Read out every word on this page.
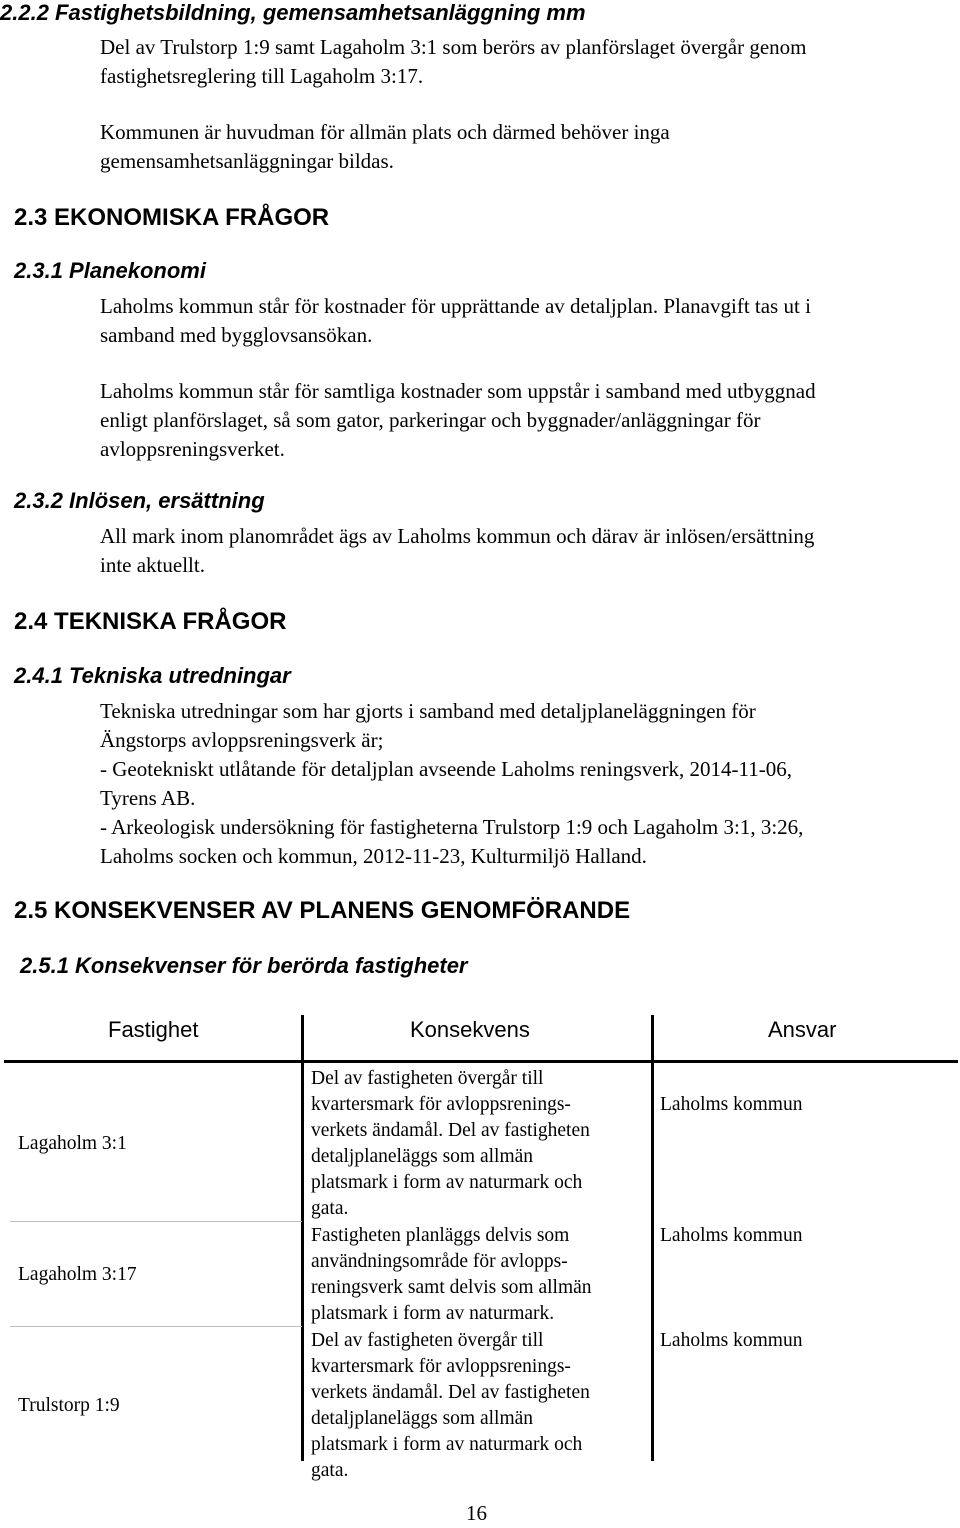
2.2.2 Fastighetsbildning, gemensamhetsanläggning mm
Del av Trulstorp 1:9 samt Lagaholm 3:1 som berörs av planförslaget övergår genom
fastighetsreglering till Lagaholm 3:17.
Kommunen är huvudman för allmän plats och därmed behöver inga
gemensamhetsanläggningar bildas.
2.3 EKONOMISKA FRÅGOR
2.3.1 Planekonomi
Laholms kommun står för kostnader för upprättande av detaljplan. Planavgift tas ut i
samband med bygglovsansökan.
Laholms kommun står för samtliga kostnader som uppstår i samband med utbyggnad
enligt planförslaget, så som gator, parkeringar och byggnader/anläggningar för
avloppsreningsverket.
2.3.2 Inlösen, ersättning
All mark inom planområdet ägs av Laholms kommun och därav är inlösen/ersättning
inte aktuellt.
2.4 TEKNISKA FRÅGOR
2.4.1 Tekniska utredningar
Tekniska utredningar som har gjorts i samband med detaljplaneläggningen för
Ängstorps avloppsreningsverk är;
- Geotekniskt utlåtande för detaljplan avseende Laholms reningsverk, 2014-11-06,
Tyrens AB.
- Arkeologisk undersökning för fastigheterna Trulstorp 1:9 och Lagaholm 3:1, 3:26,
Laholms socken och kommun, 2012-11-23, Kulturmiljö Halland.
2.5 KONSEKVENSER AV PLANENS GENOMFÖRANDE
2.5.1 Konsekvenser för berörda fastigheter
Fastighet	Konsekvens	Ansvar
Lagaholm 3:1
Del av fastigheten övergår till
kvartersmark för avloppsrenings-
verkets ändamål. Del av fastigheten
detaljplaneläggs som allmän
platsmark i form av naturmark och
gata.
Laholms kommun
Lagaholm 3:17
Fastigheten planläggs delvis som
användningsområde för avlopps-
reningsverk samt delvis som allmän
platsmark i form av naturmark.
Laholms kommun
Trulstorp 1:9
Del av fastigheten övergår till
kvartersmark för avloppsrenings-
verkets ändamål. Del av fastigheten
detaljplaneläggs som allmän
platsmark i form av naturmark och
gata.
Laholms kommun
16
